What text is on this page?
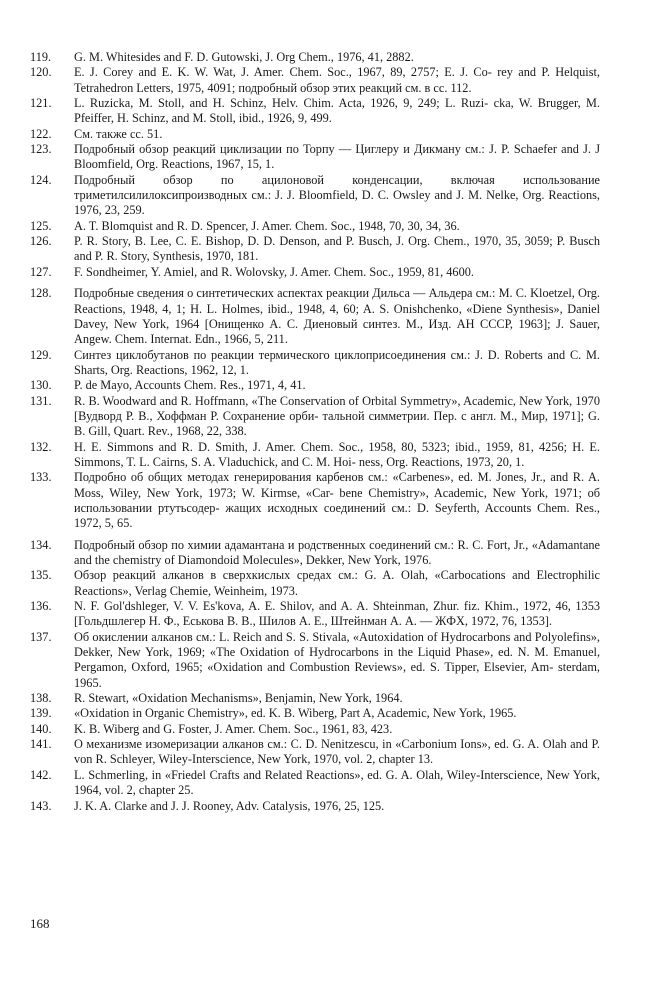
119.	G. M. Whitesides and F. D. Gutowski, J. Org Chem., 1976, 41, 2882.
120.	E. J. Corey and E. K. W. Wat, J. Amer. Chem. Soc., 1967, 89, 2757; E. J. Co- rey and P. Helquist, Tetrahedron Letters, 1975, 4091; подробный обзор этих реакций см. в сс. 112.
121.	L. Ruzicka, M. Stoll, and H. Schinz, Helv. Chim. Acta, 1926, 9, 249; L. Ruzi- cka, W. Brugger, M. Pfeiffer, H. Schinz, and M. Stoll, ibid., 1926, 9, 499.
122.	См. также сс. 51.
123.	Подробный обзор реакций циклизации по Торпу — Циглеру и Дикману см.: J. P. Schaefer and J. J Bloomfield, Org. Reactions, 1967, 15, 1.
124.	Подробный обзор по ацилоновой конденсации, включая использование триметилсилилоксипроизводных см.: J. J. Bloomfield, D. C. Owsley and J. M. Nelke, Org. Reactions, 1976, 23, 259.
125.	A. T. Blomquist and R. D. Spencer, J. Amer. Chem. Soc., 1948, 70, 30, 34, 36.
126.	P. R. Story, B. Lee, C. E. Bishop, D. D. Denson, and P. Busch, J. Org. Chem., 1970, 35, 3059; P. Busch and P. R. Story, Synthesis, 1970, 181.
127.	F. Sondheimer, Y. Amiel, and R. Wolovsky, J. Amer. Chem. Soc., 1959, 81, 4600.
128.	Подробные сведения о синтетических аспектах реакции Дильса — Альдера см.: M. C. Kloetzel, Org. Reactions, 1948, 4, 1; H. L. Holmes, ibid., 1948, 4, 60; A. S. Onishchenko, «Diene Synthesis», Daniel Davey, New York, 1964 [Онищенко А. С. Диеновый синтез. М., Изд. АН СССР, 1963]; J. Sauer, Angew. Chem. Internat. Edn., 1966, 5, 211.
129.	Синтез циклобутанов по реакции термического циклоприсоединения см.: J. D. Roberts and C. M. Sharts, Org. Reactions, 1962, 12, 1.
130.	P. de Mayo, Accounts Chem. Res., 1971, 4, 41.
131.	R. B. Woodward and R. Hoffmann, «The Conservation of Orbital Symmetry», Academic, New York, 1970 [Вудворд Р. В., Хоффман Р. Сохранение орби- тальной симметрии. Пер. с англ. М., Мир, 1971]; G. B. Gill, Quart. Rev., 1968, 22, 338.
132.	H. E. Simmons and R. D. Smith, J. Amer. Chem. Soc., 1958, 80, 5323; ibid., 1959, 81, 4256; H. E. Simmons, T. L. Cairns, S. A. Vladuchick, and C. M. Hoi- ness, Org. Reactions, 1973, 20, 1.
133.	Подробно об общих методах генерирования карбенов см.: «Carbenes», ed. M. Jones, Jr., and R. A. Moss, Wiley, New York, 1973; W. Kirmse, «Car- bene Chemistry», Academic, New York, 1971; об использовании ртутьсодер- жащих исходных соединений см.: D. Seyferth, Accounts Chem. Res., 1972, 5, 65.
134.	Подробный обзор по химии адамантана и родственных соединений см.: R. C. Fort, Jr., «Adamantane and the chemistry of Diamondoid Molecules», Dekker, New York, 1976.
135.	Обзор реакций алканов в сверхкислых средах см.: G. A. Olah, «Carbocations and Electrophilic Reactions», Verlag Chemie, Weinheim, 1973.
136.	N. F. Gol'dshleger, V. V. Es'kova, A. E. Shilov, and A. A. Shteinman, Zhur. fiz. Khim., 1972, 46, 1353 [Гольдшлегер Н. Ф., Еськова В. В., Шилов А. Е., Штейнман А. А. — ЖФХ, 1972, 76, 1353].
137.	Об окислении алканов см.: L. Reich and S. S. Stivala, «Autoxidation of Hydrocarbons and Polyolefins», Dekker, New York, 1969; «The Oxidation of Hydrocarbons in the Liquid Phase», ed. N. M. Emanuel, Pergamon, Oxford, 1965; «Oxidation and Combustion Reviews», ed. S. Tipper, Elsevier, Am- sterdam, 1965.
138.	R. Stewart, «Oxidation Mechanisms», Benjamin, New York, 1964.
139.	«Oxidation in Organic Chemistry», ed. K. B. Wiberg, Part A, Academic, New York, 1965.
140.	K. B. Wiberg and G. Foster, J. Amer. Chem. Soc., 1961, 83, 423.
141.	О механизме изомеризации алканов см.: C. D. Nenitzescu, in «Carbonium Ions», ed. G. A. Olah and P. von R. Schleyer, Wiley-Interscience, New York, 1970, vol. 2, chapter 13.
142.	L. Schmerling, in «Friedel Crafts and Related Reactions», ed. G. A. Olah, Wiley-Interscience, New York, 1964, vol. 2, chapter 25.
143.	J. K. A. Clarke and J. J. Rooney, Adv. Catalysis, 1976, 25, 125.
168
